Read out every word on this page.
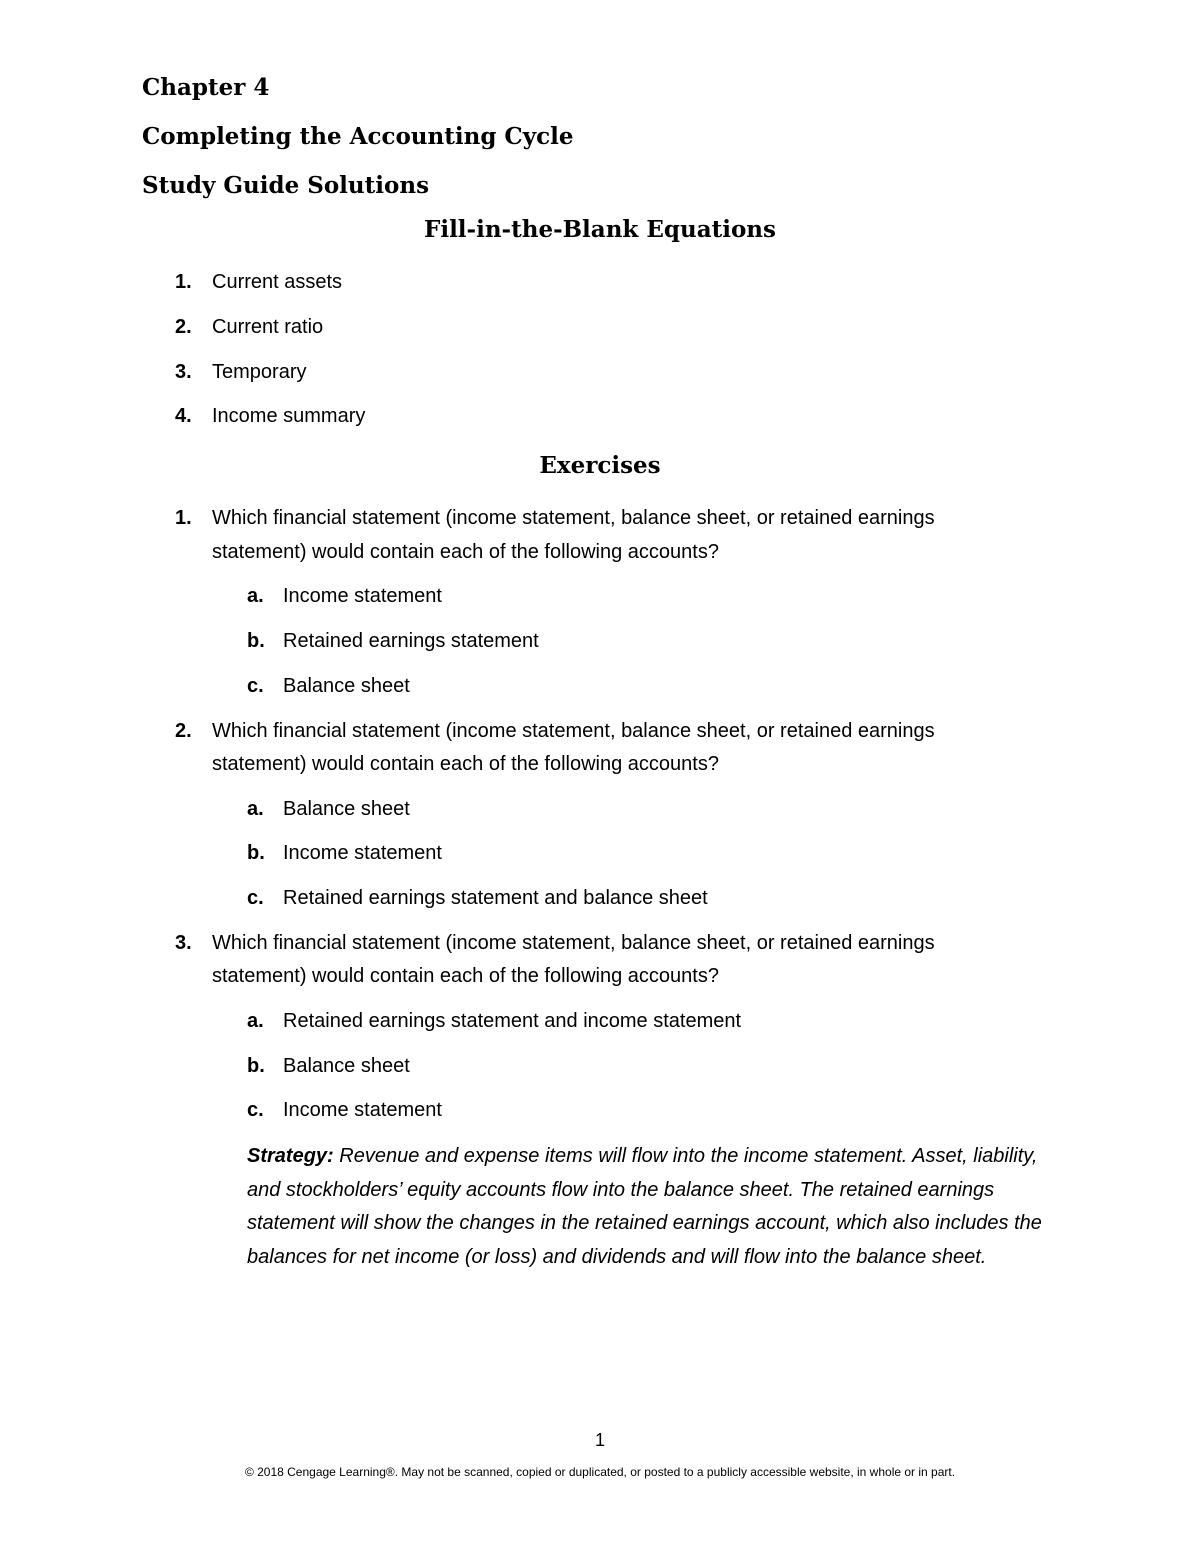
Chapter 4
Completing the Accounting Cycle
Study Guide Solutions
Fill-in-the-Blank Equations
1. Current assets
2. Current ratio
3. Temporary
4. Income summary
Exercises
1. Which financial statement (income statement, balance sheet, or retained earnings
statement) would contain each of the following accounts?
a. Income statement
b. Retained earnings statement
c. Balance sheet
2. Which financial statement (income statement, balance sheet, or retained earnings
statement) would contain each of the following accounts?
a. Balance sheet
b. Income statement
c. Retained earnings statement and balance sheet
3. Which financial statement (income statement, balance sheet, or retained earnings
statement) would contain each of the following accounts?
a. Retained earnings statement and income statement
b. Balance sheet
c. Income statement
Strategy: Revenue and expense items will flow into the income statement. Asset, liability, and stockholders’ equity accounts flow into the balance sheet. The retained earnings statement will show the changes in the retained earnings account, which also includes the balances for net income (or loss) and dividends and will flow into the balance sheet.
1
© 2018 Cengage Learning®. May not be scanned, copied or duplicated, or posted to a publicly accessible website, in whole or in part.
